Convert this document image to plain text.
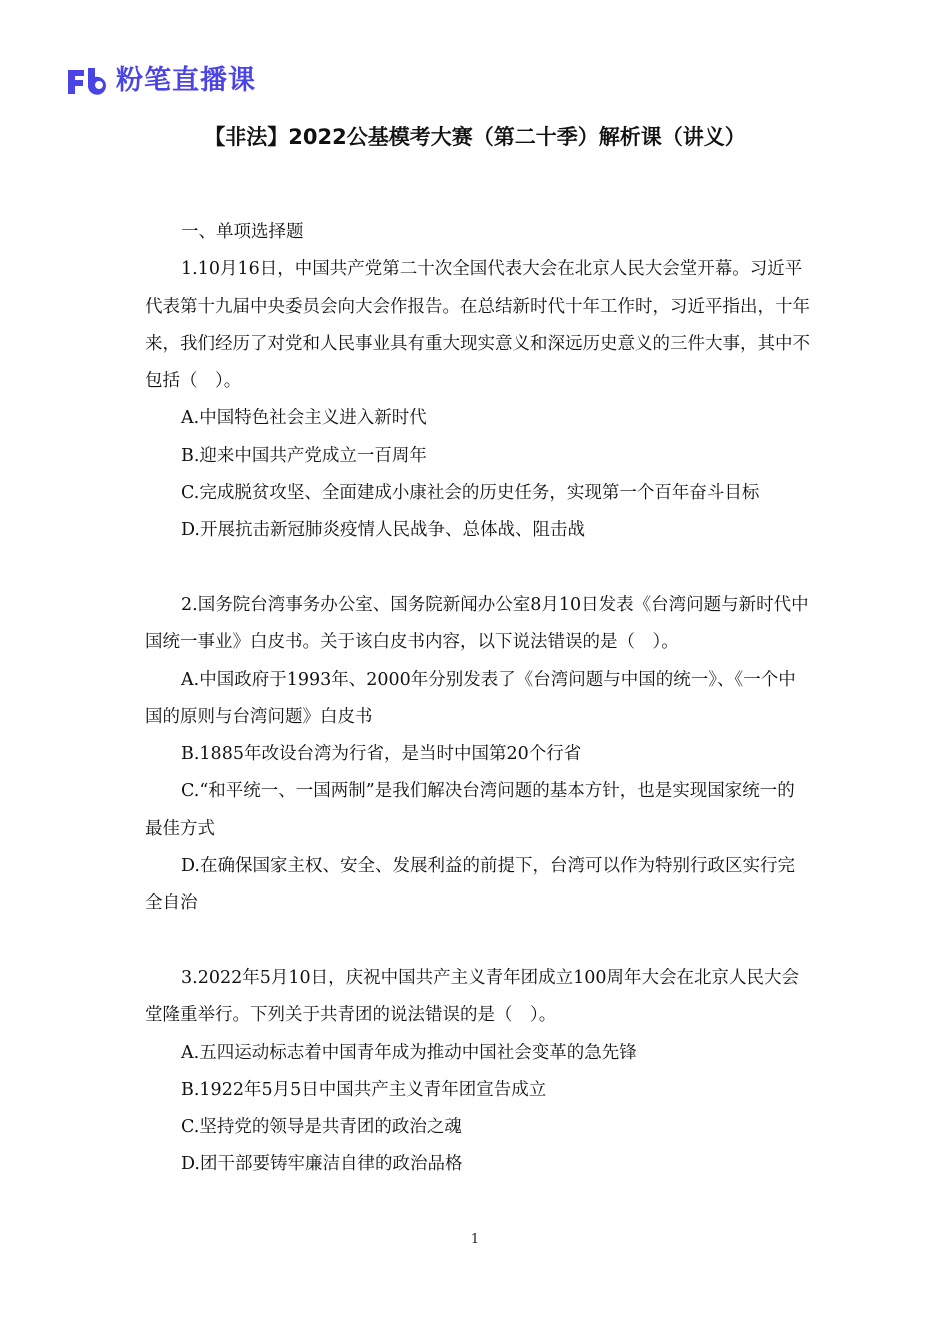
粉笔直播课
【非法】2022公基模考大赛（第二十季）解析课（讲义）

一、单项选择题

1.10月16日，中国共产党第二十次全国代表大会在北京人民大会堂开幕。习近平代表第十九届中央委员会向大会作报告。在总结新时代十年工作时，习近平指出，十年来，我们经历了对党和人民事业具有重大现实意义和深远历史意义的三件大事，其中不包括（　）。

A.中国特色社会主义进入新时代

B.迎来中国共产党成立一百周年

C.完成脱贫攻坚、全面建成小康社会的历史任务，实现第一个百年奋斗目标

D.开展抗击新冠肺炎疫情人民战争、总体战、阻击战

2.国务院台湾事务办公室、国务院新闻办公室8月10日发表《台湾问题与新时代中国统一事业》白皮书。关于该白皮书内容，以下说法错误的是（　）。

A.中国政府于1993年、2000年分别发表了《台湾问题与中国的统一》、《一个中国的原则与台湾问题》白皮书

B.1885年改设台湾为行省，是当时中国第20个行省

C.“和平统一、一国两制”是我们解决台湾问题的基本方针，也是实现国家统一的最佳方式

D.在确保国家主权、安全、发展利益的前提下，台湾可以作为特别行政区实行完全自治

3.2022年5月10日，庆祝中国共产主义青年团成立100周年大会在北京人民大会堂隆重举行。下列关于共青团的说法错误的是（　）。

A.五四运动标志着中国青年成为推动中国社会变革的急先锋

B.1922年5月5日中国共产主义青年团宣告成立

C.坚持党的领导是共青团的政治之魂

D.团干部要铸牢廉洁自律的政治品格

1
